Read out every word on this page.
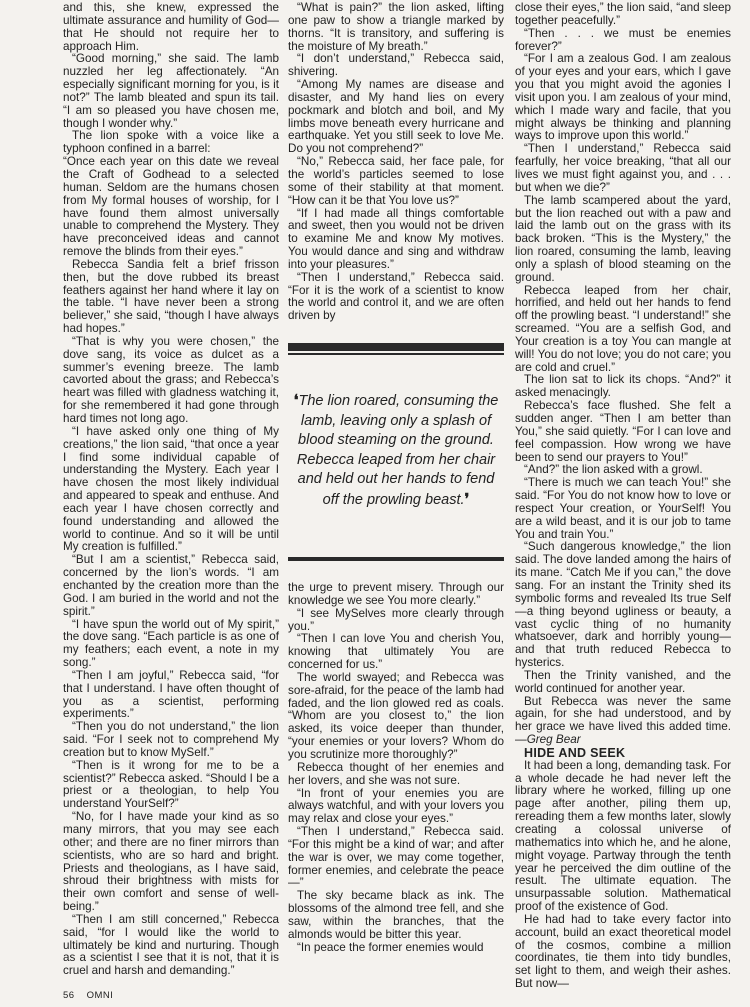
and this, she knew, expressed the ultimate assurance and humility of God—that He should not require her to approach Him.

“Good morning,” she said. The lamb nuzzled her leg affectionately. “An especially significant morning for you, is it not?” The lamb bleated and spun its tail. “I am so pleased you have chosen me, though I wonder why.”

The lion spoke with a voice like a typhoon confined in a barrel:

“Once each year on this date we reveal the Craft of Godhead to a selected human. Seldom are the humans chosen from My formal houses of worship, for I have found them almost universally unable to comprehend the Mystery. They have preconceived ideas and cannot remove the blinds from their eyes.”

Rebecca Sandia felt a brief frisson then, but the dove rubbed its breast feathers against her hand where it lay on the table. “I have never been a strong believer,” she said, “though I have always had hopes.”

“That is why you were chosen,” the dove sang, its voice as dulcet as a summer’s evening breeze. The lamb cavorted about the grass; and Rebecca’s heart was filled with gladness watching it, for she remembered it had gone through hard times not long ago.

“I have asked only one thing of My creations,” the lion said, “that once a year I find some individual capable of understanding the Mystery. Each year I have chosen the most likely individual and appeared to speak and enthuse. And each year I have chosen correctly and found understanding and allowed the world to continue. And so it will be until My creation is fulfilled.”

“But I am a scientist,” Rebecca said, concerned by the lion’s words. “I am enchanted by the creation more than the God. I am buried in the world and not the spirit.”

“I have spun the world out of My spirit,” the dove sang. “Each particle is as one of my feathers; each event, a note in my song.”

“Then I am joyful,” Rebecca said, “for that I understand. I have often thought of you as a scientist, performing experiments.”

“Then you do not understand,” the lion said. “For I seek not to comprehend My creation but to know MySelf.”

“Then is it wrong for me to be a scientist?” Rebecca asked. “Should I be a priest or a theologian, to help You understand YourSelf?”

“No, for I have made your kind as so many mirrors, that you may see each other; and there are no finer mirrors than scientists, who are so hard and bright. Priests and theologians, as I have said, shroud their brightness with mists for their own comfort and sense of well-being.”

“Then I am still concerned,” Rebecca said, “for I would like the world to ultimately be kind and nurturing. Though as a scientist I see that it is not, that it is cruel and harsh and demanding.”

“What is pain?” the lion asked, lifting one paw to show a triangle marked by thorns. “It is transitory, and suffering is the moisture of My breath.”

“I don’t understand,” Rebecca said, shivering.

“Among My names are disease and disaster, and My hand lies on every pockmark and blotch and boil, and My limbs move beneath every hurricane and earthquake. Yet you still seek to love Me. Do you not comprehend?”

“No,” Rebecca said, her face pale, for the world’s particles seemed to lose some of their stability at that moment. “How can it be that You love us?”

“If I had made all things comfortable and sweet, then you would not be driven to examine Me and know My motives. You would dance and sing and withdraw into your pleasures.”

“Then I understand,” Rebecca said. “For it is the work of a scientist to know the world and control it, and we are often driven by

❛The lion roared, consuming the lamb, leaving only a splash of blood steaming on the ground. Rebecca leaped from her chair and held out her hands to fend off the prowling beast.❜

the urge to prevent misery. Through our knowledge we see You more clearly.”

“I see MySelves more clearly through you.”

“Then I can love You and cherish You, knowing that ultimately You are concerned for us.”

The world swayed; and Rebecca was sore-afraid, for the peace of the lamb had faded, and the lion glowed red as coals. “Whom are you closest to,” the lion asked, its voice deeper than thunder, “your enemies or your lovers? Whom do you scrutinize more thoroughly?”

Rebecca thought of her enemies and her lovers, and she was not sure.

“In front of your enemies you are always watchful, and with your lovers you may relax and close your eyes.”

“Then I understand,” Rebecca said. “For this might be a kind of war; and after the war is over, we may come together, former enemies, and celebrate the peace—”

The sky became black as ink. The blossoms of the almond tree fell, and she saw, within the branches, that the almonds would be bitter this year.

“In peace the former enemies would

close their eyes,” the lion said, “and sleep together peacefully.”

“Then . . . we must be enemies forever?”

“For I am a zealous God. I am zealous of your eyes and your ears, which I gave you that you might avoid the agonies I visit upon you. I am zealous of your mind, which I made wary and facile, that you might always be thinking and planning ways to improve upon this world.”

“Then I understand,” Rebecca said fearfully, her voice breaking, “that all our lives we must fight against you, and . . . but when we die?”

The lamb scampered about the yard, but the lion reached out with a paw and laid the lamb out on the grass with its back broken. “This is the Mystery,” the lion roared, consuming the lamb, leaving only a splash of blood steaming on the ground.

Rebecca leaped from her chair, horrified, and held out her hands to fend off the prowling beast. “I understand!” she screamed. “You are a selfish God, and Your creation is a toy You can mangle at will! You do not love; you do not care; you are cold and cruel.”

The lion sat to lick its chops. “And?” it asked menacingly.

Rebecca’s face flushed. She felt a sudden anger. “Then I am better than You,” she said quietly. “For I can love and feel compassion. How wrong we have been to send our prayers to You!”

“And?” the lion asked with a growl.

“There is much we can teach You!” she said. “For You do not know how to love or respect Your creation, or YourSelf! You are a wild beast, and it is our job to tame You and train You.”

“Such dangerous knowledge,” the lion said. The dove landed among the hairs of its mane. “Catch Me if you can,” the dove sang. For an instant the Trinity shed its symbolic forms and revealed Its true Self—a thing beyond ugliness or beauty, a vast cyclic thing of no humanity whatsoever, dark and horribly young—and that truth reduced Rebecca to hysterics.

Then the Trinity vanished, and the world continued for another year.

But Rebecca was never the same again, for she had understood, and by her grace we have lived this added time.—Greg Bear

HIDE AND SEEK

It had been a long, demanding task. For a whole decade he had never left the library where he worked, filling up one page after another, piling them up, rereading them a few months later, slowly creating a colossal universe of mathematics into which he, and he alone, might voyage. Partway through the tenth year he perceived the dim outline of the result. The ultimate equation. The unsurpassable solution. Mathematical proof of the existence of God.

He had had to take every factor into account, build an exact theoretical model of the cosmos, combine a million coordinates, tie them into tidy bundles, set light to them, and weigh their ashes. But now—

56 OMNI
